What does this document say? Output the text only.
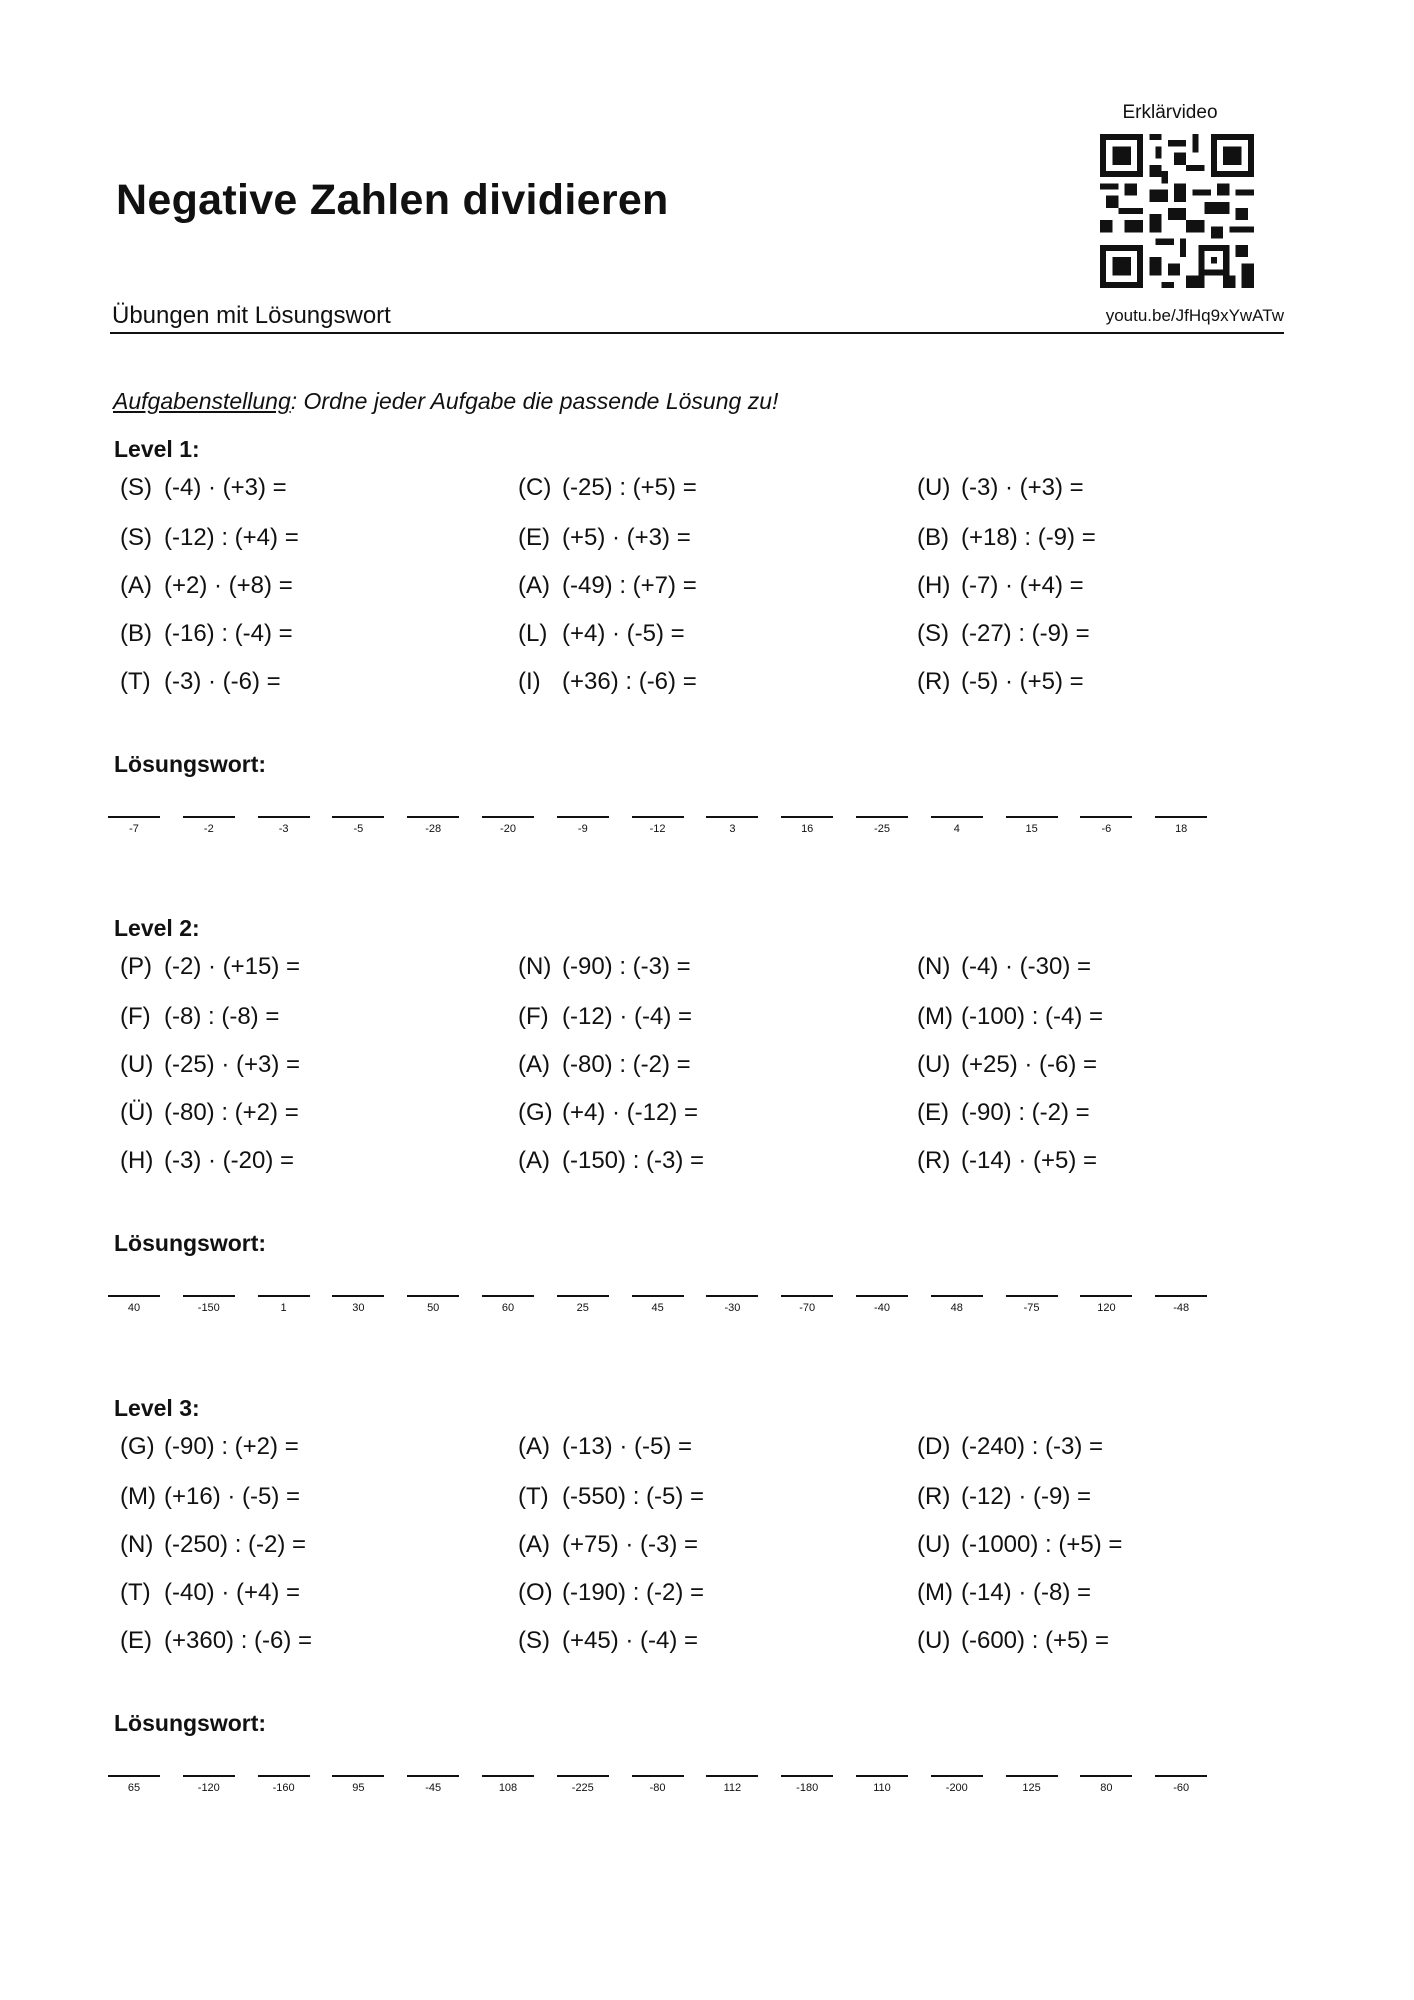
Erklärvideo
Negative Zahlen dividieren
Übungen mit Lösungswort	youtu.be/JfHq9xYwATw
Aufgabenstellung: Ordne jeder Aufgabe die passende Lösung zu!
Level 1:
(S) (-4) · (+3) =	(C) (-25) : (+5) =	(U) (-3) · (+3) =
(S) (-12) : (+4) =	(E) (+5) · (+3) =	(B) (+18) : (-9) =
(A) (+2) · (+8) =	(A) (-49) : (+7) =	(H) (-7) · (+4) =
(B) (-16) : (-4) =	(L) (+4) · (-5) =	(S) (-27) : (-9) =
(T) (-3) · (-6) =	(I) (+36) : (-6) =	(R) (-5) · (+5) =
Lösungswort:
-7	-2	-3	-5	-28	-20	-9	-12	3	16	-25	4	15	-6	18
Level 2:
(P) (-2) · (+15) =	(N) (-90) : (-3) =	(N) (-4) · (-30) =
(F) (-8) : (-8) =	(F) (-12) · (-4) =	(M) (-100) : (-4) =
(U) (-25) · (+3) =	(A) (-80) : (-2) =	(U) (+25) · (-6) =
(Ü) (-80) : (+2) =	(G) (+4) · (-12) =	(E) (-90) : (-2) =
(H) (-3) · (-20) =	(A) (-150) : (-3) =	(R) (-14) · (+5) =
Lösungswort:
40	-150	1	30	50	60	25	45	-30	-70	-40	48	-75	120	-48
Level 3:
(G) (-90) : (+2) =	(A) (-13) · (-5) =	(D) (-240) : (-3) =
(M) (+16) · (-5) =	(T) (-550) : (-5) =	(R) (-12) · (-9) =
(N) (-250) : (-2) =	(A) (+75) · (-3) =	(U) (-1000) : (+5) =
(T) (-40) · (+4) =	(O) (-190) : (-2) =	(M) (-14) · (-8) =
(E) (+360) : (-6) =	(S) (+45) · (-4) =	(U) (-600) : (+5) =
Lösungswort:
65	-120	-160	95	-45	108	-225	-80	112	-180	110	-200	125	80	-60
